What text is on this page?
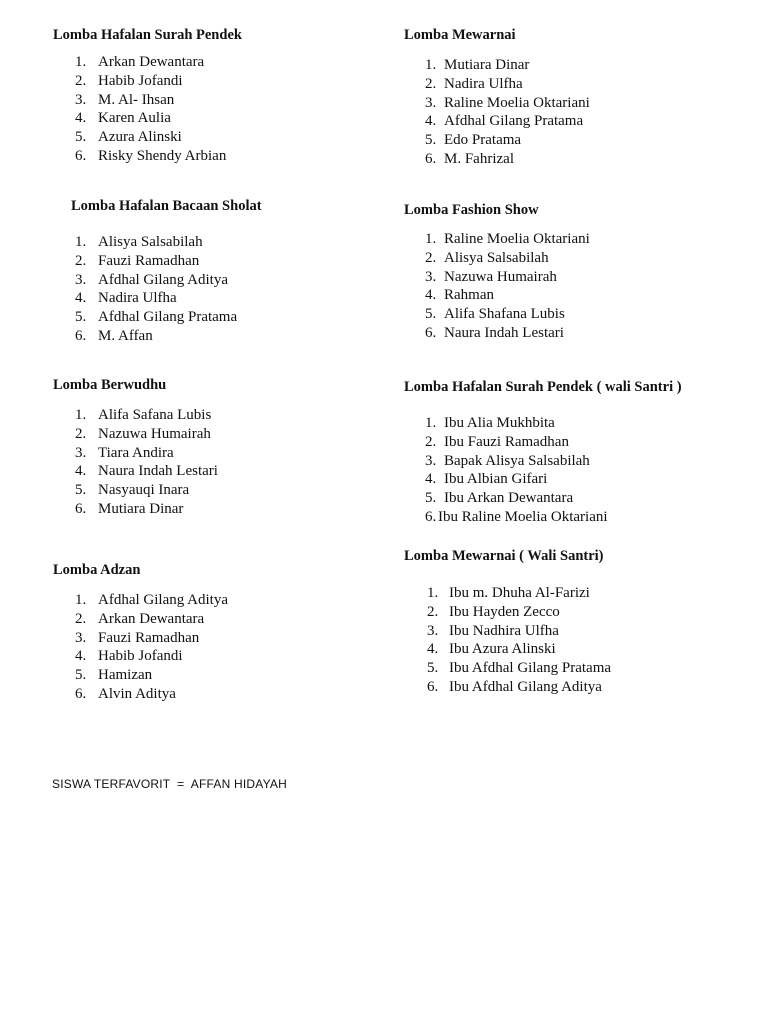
Lomba Hafalan Surah Pendek
1. Arkan Dewantara
2. Habib Jofandi
3. M. Al- Ihsan
4. Karen Aulia
5. Azura Alinski
6. Risky Shendy Arbian
Lomba Hafalan Bacaan Sholat
1. Alisya Salsabilah
2. Fauzi Ramadhan
3. Afdhal Gilang Aditya
4. Nadira Ulfha
5. Afdhal Gilang Pratama
6. M. Affan
Lomba Berwudhu
1. Alifa Safana Lubis
2. Nazuwa Humairah
3. Tiara Andira
4. Naura Indah Lestari
5. Nasyauqi Inara
6. Mutiara Dinar
Lomba Adzan
1. Afdhal Gilang Aditya
2. Arkan Dewantara
3. Fauzi Ramadhan
4. Habib Jofandi
5. Hamizan
6. Alvin Aditya
Lomba Mewarnai
1. Mutiara Dinar
2. Nadira Ulfha
3. Raline Moelia Oktariani
4. Afdhal Gilang Pratama
5. Edo Pratama
6. M. Fahrizal
Lomba Fashion Show
1. Raline Moelia Oktariani
2. Alisya Salsabilah
3. Nazuwa Humairah
4. Rahman
5. Alifa Shafana Lubis
6. Naura Indah Lestari
Lomba Hafalan Surah Pendek ( wali Santri )
1. Ibu Alia Mukhbita
2. Ibu Fauzi Ramadhan
3. Bapak Alisya Salsabilah
4. Ibu Albian Gifari
5. Ibu Arkan Dewantara
6. Ibu Raline Moelia Oktariani
Lomba Mewarnai ( Wali Santri)
1. Ibu m. Dhuha Al-Farizi
2. Ibu Hayden Zecco
3. Ibu Nadhira Ulfha
4. Ibu Azura Alinski
5. Ibu Afdhal Gilang Pratama
6. Ibu Afdhal Gilang Aditya
SISWA TERFAVORIT  =  AFFAN HIDAYAH
